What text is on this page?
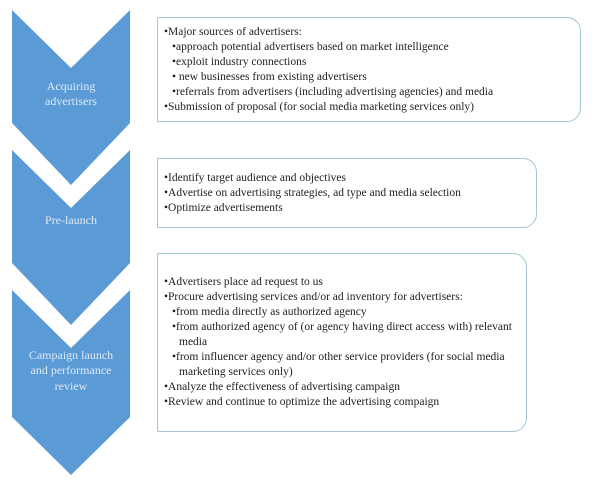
Acquiring advertisers
Pre-launch
Campaign launch and performance review
•Major sources of advertisers:
•approach potential advertisers based on market intelligence
•exploit industry connections
• new businesses from existing advertisers
•referrals from advertisers (including advertising agencies) and media
•Submission of proposal (for social media marketing services only)
•Identify target audience and objectives
•Advertise on advertising strategies, ad type and media selection
•Optimize advertisements
•Advertisers place ad request to us
•Procure advertising services and/or ad inventory for advertisers:
•from media directly as authorized agency
•from authorized agency of (or agency having direct access with) relevant media
•from influencer agency and/or other service providers (for social media marketing services only)
•Analyze the effectiveness of advertising campaign
•Review and continue to optimize the advertising compaign
